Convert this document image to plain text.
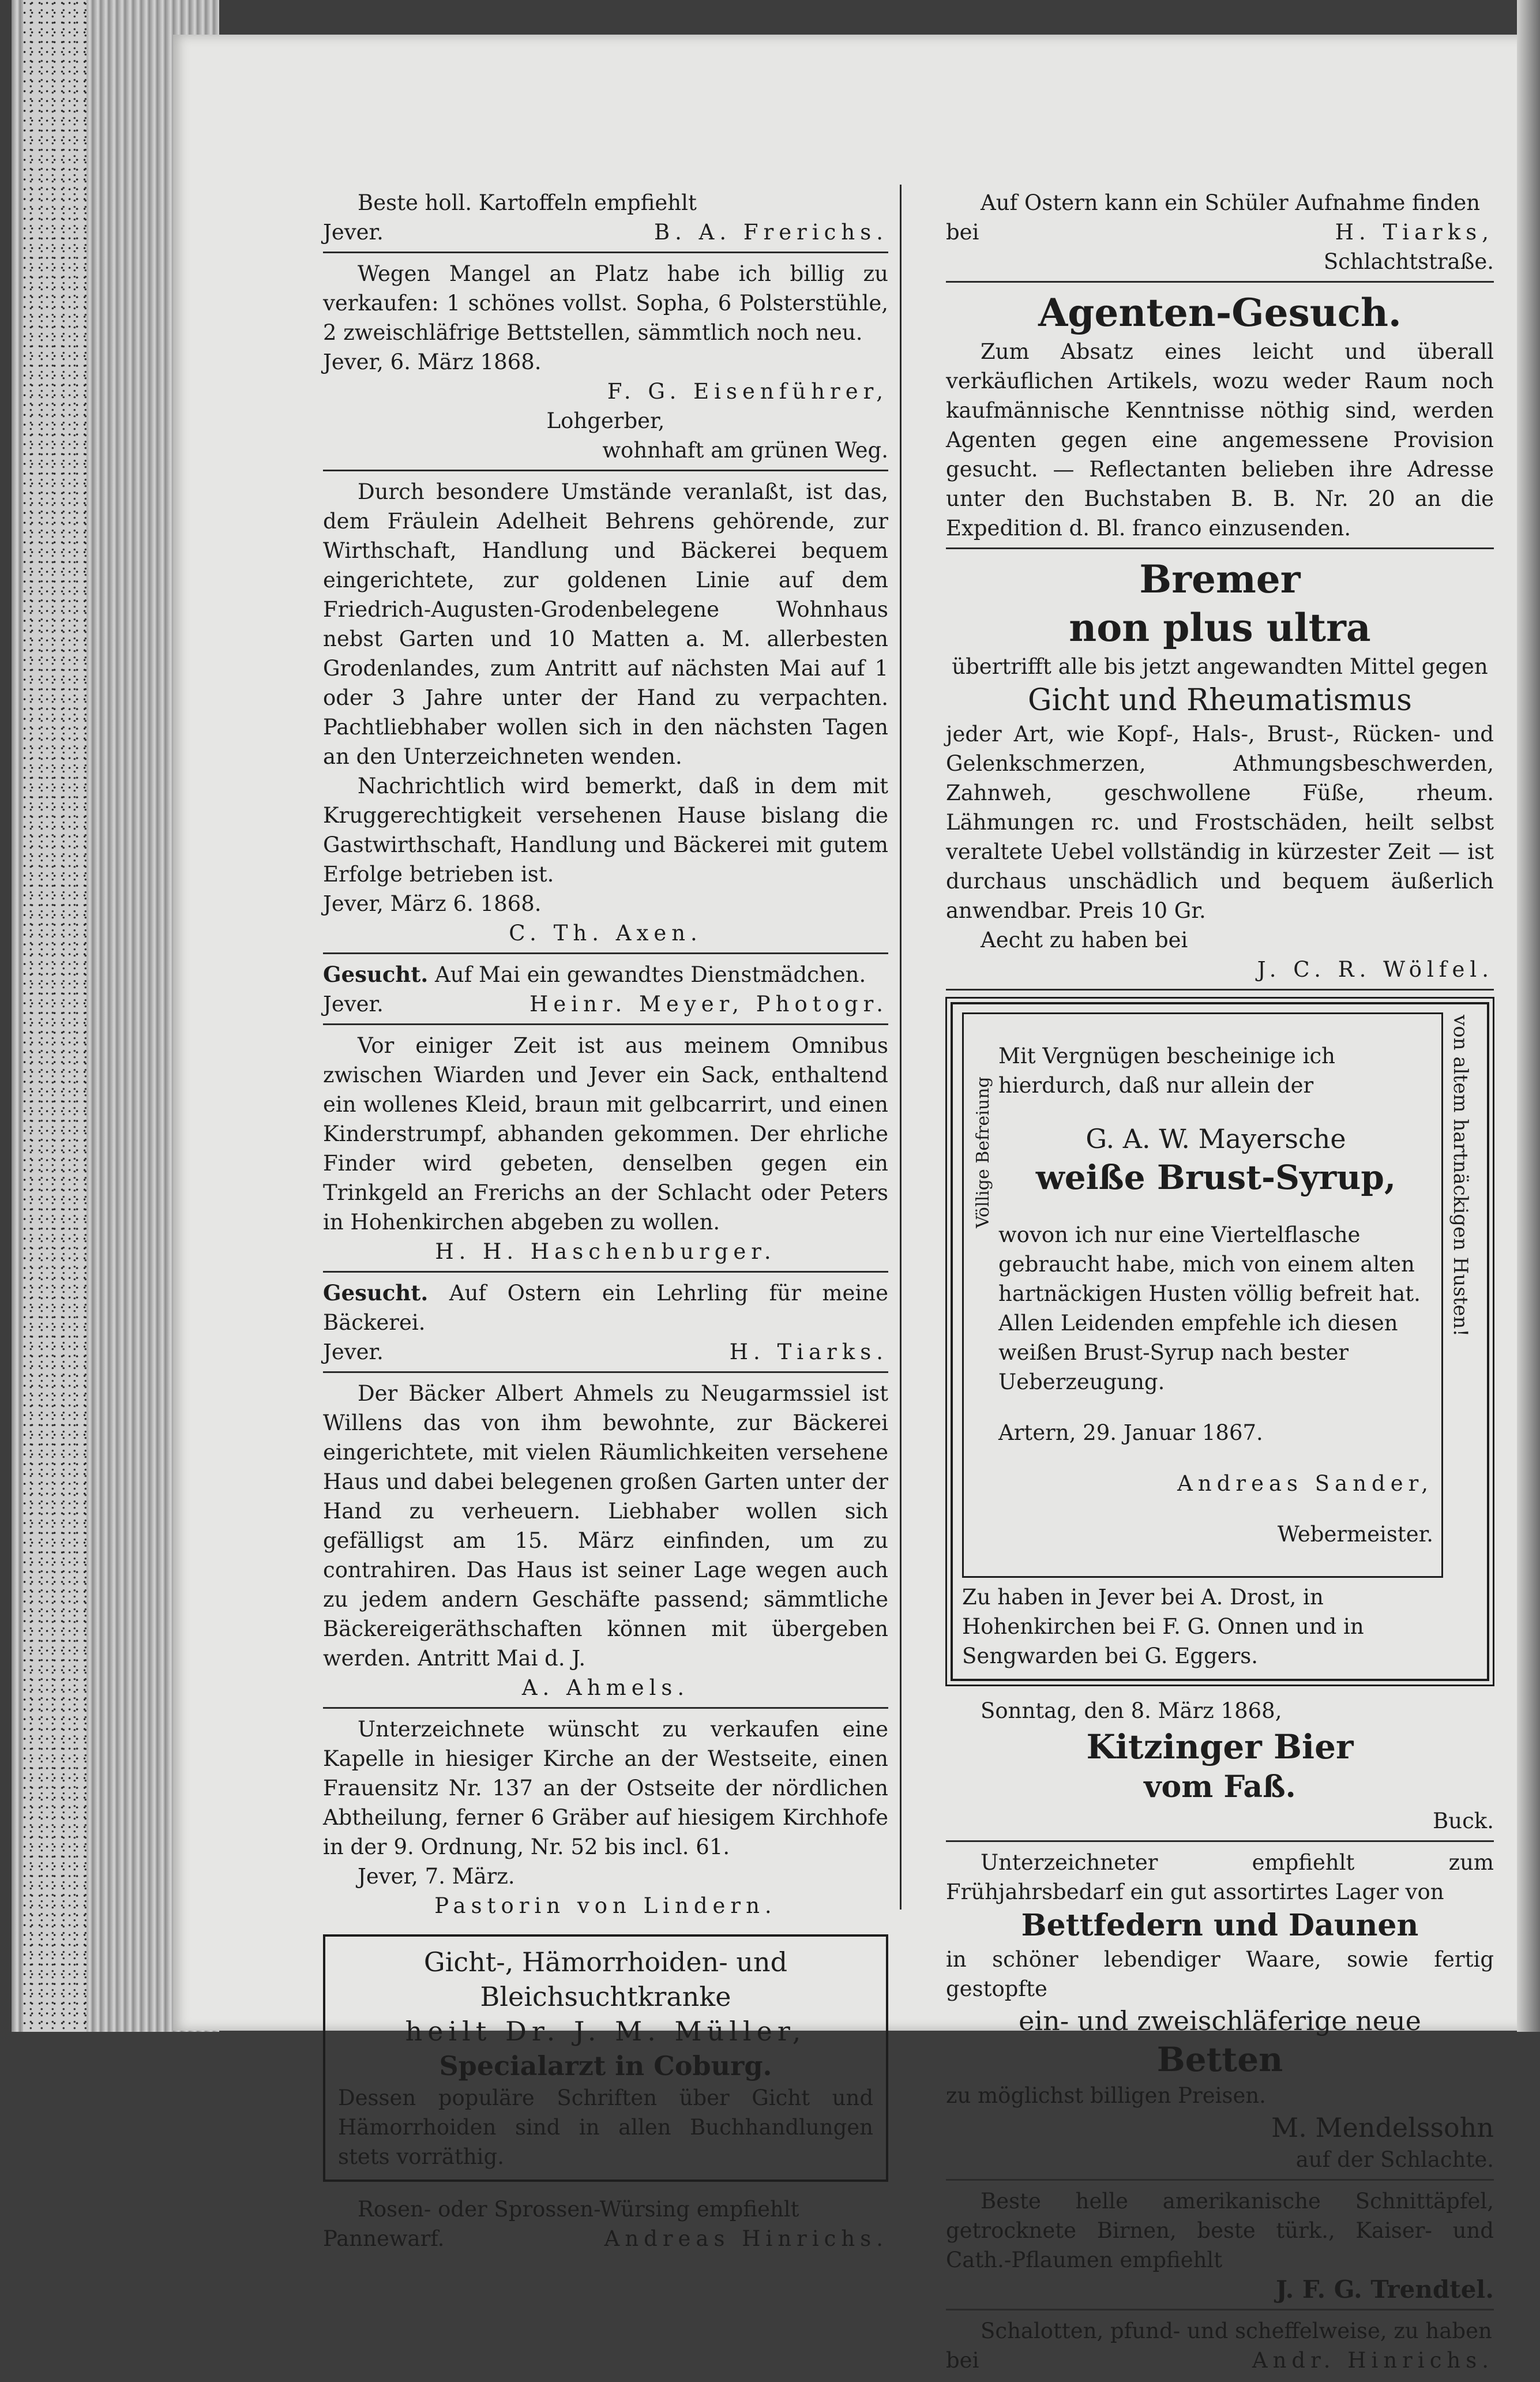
Beste holl. Kartoffeln empfiehlt

Jever.	B. A. Frerichs.

Wegen Mangel an Platz habe ich billig zu verkaufen: 1 schönes vollst. Sopha, 6 Polsterstühle, 2 zweischläfrige Bettstellen, sämmtlich noch neu.

Jever, 6. März 1868.

F. G. Eisenführer,

Lohgerber,

wohnhaft am grünen Weg.

Durch besondere Umstände veranlaßt, ist das, dem Fräulein Adelheit Behrens gehörende, zur Wirthschaft, Handlung und Bäckerei bequem eingerichtete, zur goldenen Linie auf dem Friedrich-Augusten-Grodenbelegene Wohnhaus nebst Garten und 10 Matten a. M. allerbesten Grodenlandes, zum Antritt auf nächsten Mai auf 1 oder 3 Jahre unter der Hand zu verpachten. Pachtliebhaber wollen sich in den nächsten Tagen an den Unterzeichneten wenden.

Nachrichtlich wird bemerkt, daß in dem mit Kruggerechtigkeit versehenen Hause bislang die Gastwirthschaft, Handlung und Bäckerei mit gutem Erfolge betrieben ist.

Jever, März 6. 1868.

C. Th. Axen.

Gesucht. Auf Mai ein gewandtes Dienstmädchen.

Jever.	Heinr. Meyer, Photogr.

Vor einiger Zeit ist aus meinem Omnibus zwischen Wiarden und Jever ein Sack, enthaltend ein wollenes Kleid, braun mit gelbcarrirt, und einen Kinderstrumpf, abhanden gekommen. Der ehrliche Finder wird gebeten, denselben gegen ein Trinkgeld an Frerichs an der Schlacht oder Peters in Hohenkirchen abgeben zu wollen.

H. H. Haschenburger.

Gesucht. Auf Ostern ein Lehrling für meine Bäckerei.

Jever.	H. Tiarks.

Der Bäcker Albert Ahmels zu Neugarmssiel ist Willens das von ihm bewohnte, zur Bäckerei eingerichtete, mit vielen Räumlichkeiten versehene Haus und dabei belegenen großen Garten unter der Hand zu verheuern. Liebhaber wollen sich gefälligst am 15. März einfinden, um zu contrahiren. Das Haus ist seiner Lage wegen auch zu jedem andern Geschäfte passend; sämmtliche Bäckereigeräthschaften können mit übergeben werden. Antritt Mai d. J.

A. Ahmels.

Unterzeichnete wünscht zu verkaufen eine Kapelle in hiesiger Kirche an der Westseite, einen Frauensitz Nr. 137 an der Ostseite der nördlichen Abtheilung, ferner 6 Gräber auf hiesigem Kirchhofe in der 9. Ordnung, Nr. 52 bis incl. 61.

Jever, 7. März.

Pastorin von Lindern.

Gicht-, Hämorrhoiden- und
Bleichsuchtkranke
heilt Dr. J. M. Müller,
Specialarzt in Coburg.

Dessen populäre Schriften über Gicht und Hämorrhoiden sind in allen Buchhandlungen stets vorräthig.

Rosen- oder Sprossen-Würsing empfiehlt

Pannewarf.	Andreas Hinrichs.

Auf Ostern kann ein Schüler Aufnahme finden

bei	H. Tiarks,

Schlachtstraße.

Agenten-Gesuch.

Zum Absatz eines leicht und überall verkäuflichen Artikels, wozu weder Raum noch kaufmännische Kenntnisse nöthig sind, werden Agenten gegen eine angemessene Provision gesucht. — Reflectanten belieben ihre Adresse unter den Buchstaben B. B. Nr. 20 an die Expedition d. Bl. franco einzusenden.

Bremer
non plus ultra

übertrifft alle bis jetzt angewandten Mittel gegen

Gicht und Rheumatismus

jeder Art, wie Kopf-, Hals-, Brust-, Rücken- und Gelenkschmerzen, Athmungsbeschwerden, Zahnweh, geschwollene Füße, rheum. Lähmungen rc. und Frostschäden, heilt selbst veraltete Uebel vollständig in kürzester Zeit — ist durchaus unschädlich und bequem äußerlich anwendbar. Preis 10 Gr.

Aecht zu haben bei

J. C. R. Wölfel.

Völlige Befreiung	von altem hartnäckigen Husten!

Mit Vergnügen bescheinige ich hierdurch, daß nur allein der

G. A. W. Mayersche
weiße Brust-Syrup,

wovon ich nur eine Viertelflasche gebraucht habe, mich von einem alten hartnäckigen Husten völlig befreit hat. Allen Leidenden empfehle ich diesen weißen Brust-Syrup nach bester Ueberzeugung.

Artern, 29. Januar 1867.

Andreas Sander,

Webermeister.

Zu haben in Jever bei A. Drost, in Hohenkirchen bei F. G. Onnen und in Sengwarden bei G. Eggers.

Sonntag, den 8. März 1868,

Kitzinger Bier
vom Faß.

Buck.

Unterzeichneter empfiehlt zum Frühjahrsbedarf ein gut assortirtes Lager von

Bettfedern und Daunen

in schöner lebendiger Waare, sowie fertig gestopfte

ein- und zweischläferige neue
Betten

zu möglichst billigen Preisen.

M. Mendelssohn

auf der Schlachte.

Beste helle amerikanische Schnittäpfel, getrocknete Birnen, beste türk., Kaiser- und Cath.-Pflaumen empfiehlt

J. F. G. Trendtel.

Schalotten, pfund- und scheffelweise, zu haben

bei	Andr. Hinrichs.
